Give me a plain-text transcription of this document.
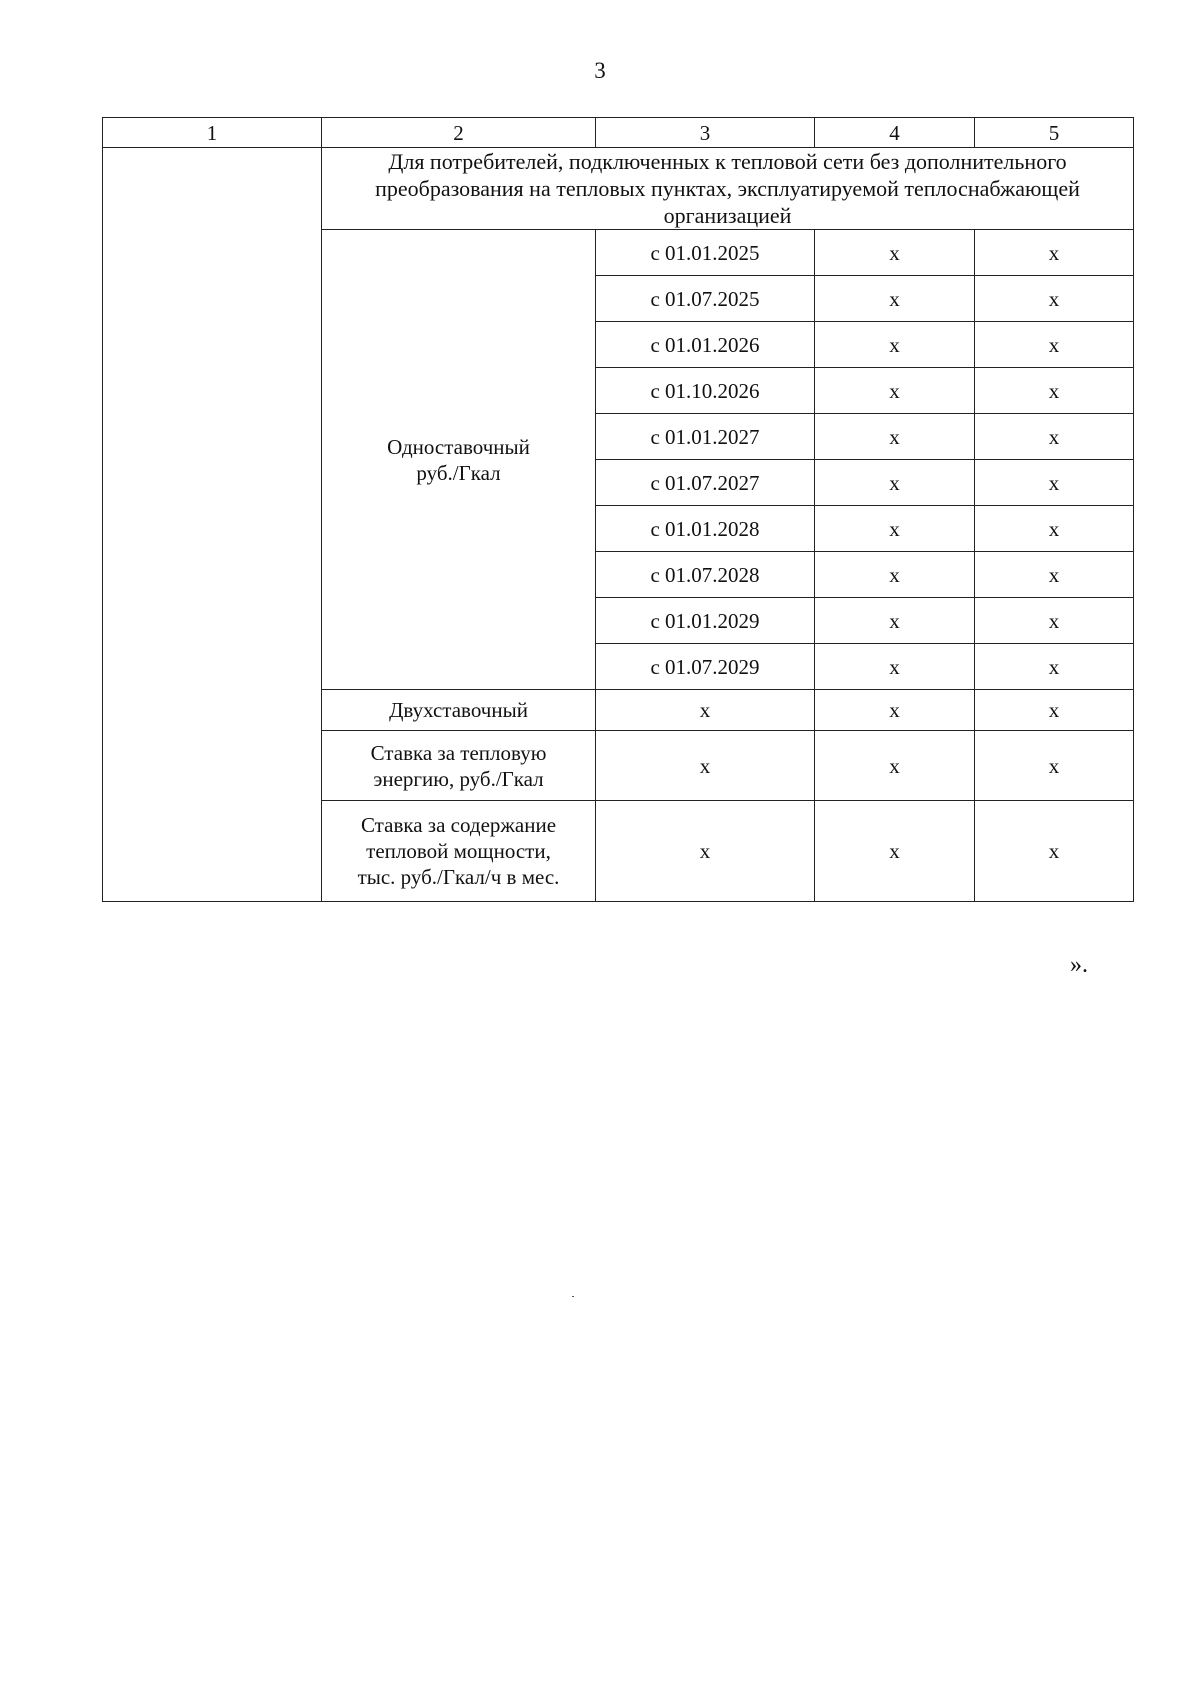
3
1	2	3	4	5
	Для потребителей, подключенных к тепловой сети без дополнительного преобразования на тепловых пунктах, эксплуатируемой теплоснабжающей организацией			

	Одноставочный
руб./Гкал	с 01.01.2025	х	х
		с 01.07.2025	х	х
		с 01.01.2026	х	х
		с 01.10.2026	х	х
		с 01.01.2027	х	х
		с 01.07.2027	х	х
		с 01.01.2028	х	х
		с 01.07.2028	х	х
		с 01.01.2029	х	х
		с 01.07.2029	х	х
	Двухставочный	х	х	х

	Ставка за тепловую
энергию, руб./Гкал	х	х	х

	Ставка за содержание
тепловой мощности,
тыс. руб./Гкал/ч в мес.	х	х	х
».
